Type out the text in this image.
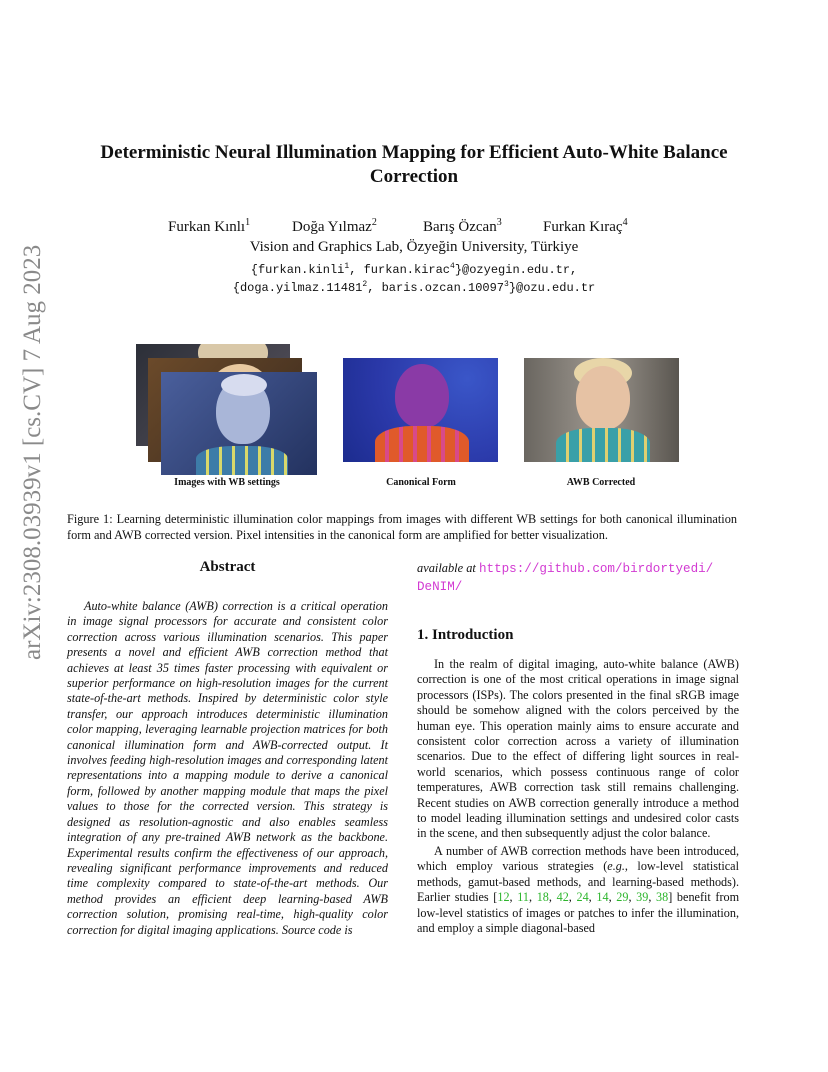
arXiv:2308.03939v1 [cs.CV] 7 Aug 2023
Deterministic Neural Illumination Mapping for Efficient Auto-White Balance
Correction
Furkan Kınlı$^1$	Doğa Yılmaz$^2$	Barış Özcan$^3$	Furkan Kıraç$^4$
Vision and Graphics Lab, Özyeğin University, Türkiye
{furkan.kinli$^1$, furkan.kirac$^4$}@ozyegin.edu.tr,
{doga.yilmaz.11481$^2$, baris.ozcan.10097$^3$}@ozu.edu.tr
Images with WB settings	Canonical Form	AWB Corrected
Figure 1: Learning deterministic illumination color mappings from images with different WB settings for both canonical illumination form and AWB corrected version. Pixel intensities in the canonical form are amplified for better visualization.
Abstract
Auto-white balance (AWB) correction is a critical operation in image signal processors for accurate and consistent color correction across various illumination scenarios. This paper presents a novel and efficient AWB correction method that achieves at least 35 times faster processing with equivalent or superior performance on high-resolution images for the current state-of-the-art methods. Inspired by deterministic color style transfer, our approach introduces deterministic illumination color mapping, leveraging learnable projection matrices for both canonical illumination form and AWB-corrected output. It involves feeding high-resolution images and corresponding latent representations into a mapping module to derive a canonical form, followed by another mapping module that maps the pixel values to those for the corrected version. This strategy is designed as resolution-agnostic and also enables seamless integration of any pre-trained AWB network as the backbone. Experimental results confirm the effectiveness of our approach, revealing significant performance improvements and reduced time complexity compared to state-of-the-art methods. Our method provides an efficient deep learning-based AWB correction solution, promising real-time, high-quality color correction for digital imaging applications. Source code is
available at https://github.com/birdortyedi/
DeNIM/
1. Introduction
In the realm of digital imaging, auto-white balance (AWB) correction is one of the most critical operations in image signal processors (ISPs). The colors presented in the final sRGB image should be somehow aligned with the colors perceived by the human eye. This operation mainly aims to ensure accurate and consistent color correction across a variety of illumination scenarios. Due to the effect of differing light sources in real-world scenarios, which possess continuous range of color temperatures, AWB correction task still remains challenging. Recent studies on AWB correction generally introduce a method to model leading illumination settings and undesired color casts in the scene, and then subsequently adjust the color balance.
A number of AWB correction methods have been introduced, which employ various strategies (e.g., low-level statistical methods, gamut-based methods, and learning-based methods). Earlier studies [12, 11, 18, 42, 24, 14, 29, 39, 38] benefit from low-level statistics of images or patches to infer the illumination, and employ a simple diagonal-based
